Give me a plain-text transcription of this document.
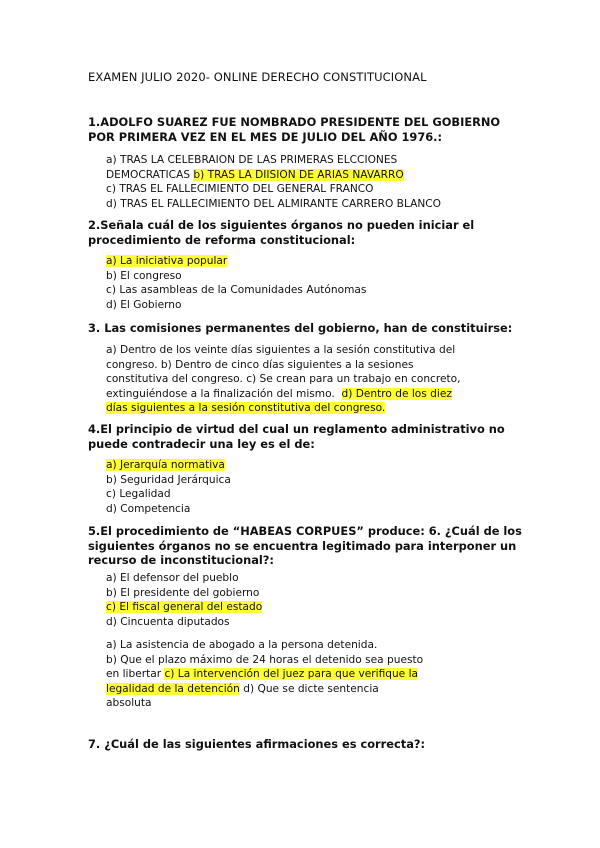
EXAMEN JULIO 2020- ONLINE DERECHO CONSTITUCIONAL
1.ADOLFO SUAREZ FUE NOMBRADO PRESIDENTE DEL GOBIERNO
POR PRIMERA VEZ EN EL MES DE JULIO DEL AÑO 1976.:
a) TRAS LA CELEBRAION DE LAS PRIMERAS ELCCIONES
DEMOCRATICAS b) TRAS LA DIISION DE ARIAS NAVARRO
c) TRAS EL FALLECIMIENTO DEL GENERAL FRANCO
d) TRAS EL FALLECIMIENTO DEL ALMIRANTE CARRERO BLANCO
2.Señala cuál de los siguientes órganos no pueden iniciar el
procedimiento de reforma constitucional:
a) La iniciativa popular
b) El congreso
c) Las asambleas de la Comunidades Autónomas
d) El Gobierno
3. Las comisiones permanentes del gobierno, han de constituirse:
a) Dentro de los veinte días siguientes a la sesión constitutiva del
congreso. b) Dentro de cinco días siguientes a la sesiones
constitutiva del congreso. c) Se crean para un trabajo en concreto,
extinguiéndose a la finalización del mismo. d) Dentro de los diez
días siguientes a la sesión constitutiva del congreso.
4.El principio de virtud del cual un reglamento administrativo no
puede contradecir una ley es el de:
a) Jerarquía normativa
b) Seguridad Jerárquica
c) Legalidad
d) Competencia
5.El procedimiento de “HABEAS CORPUES” produce: 6. ¿Cuál de los
siguientes órganos no se encuentra legitimado para interponer un
recurso de inconstitucional?:
a) El defensor del pueblo
b) El presidente del gobierno
c) El fiscal general del estado
d) Cincuenta diputados
a) La asistencia de abogado a la persona detenida.
b) Que el plazo máximo de 24 horas el detenido sea puesto
en libertar c) La intervención del juez para que verifique la
legalidad de la detención d) Que se dicte sentencia
absoluta
7. ¿Cuál de las siguientes afirmaciones es correcta?:
